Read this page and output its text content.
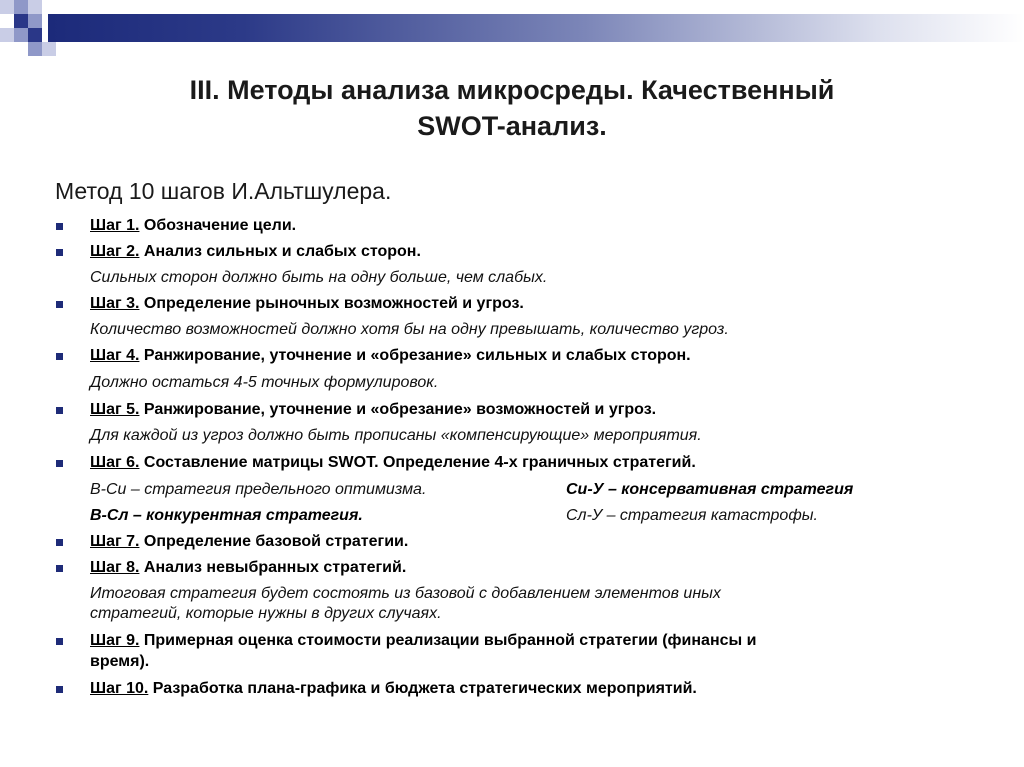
III. Методы анализа микросреды. Качественный
SWOT-анализ.
Метод 10 шагов И.Альтшулера.
Шаг 1. Обозначение цели.
Шаг 2. Анализ сильных и слабых сторон.
Сильных сторон должно быть на одну больше, чем слабых.
Шаг 3. Определение рыночных возможностей и угроз.
Количество возможностей должно хотя бы на одну превышать, количество угроз.
Шаг 4. Ранжирование, уточнение и «обрезание» сильных и слабых сторон.
Должно остаться 4-5 точных формулировок.
Шаг 5. Ранжирование, уточнение и «обрезание» возможностей и угроз.
Для каждой из угроз должно быть прописаны «компенсирующие» мероприятия.
Шаг 6. Составление матрицы SWOT. Определение 4-х граничных стратегий.
В-Си – стратегия предельного оптимизма.	Си-У – консервативная стратегия
В-Сл – конкурентная стратегия.	Сл-У – стратегия катастрофы.
Шаг 7. Определение базовой стратегии.
Шаг 8. Анализ невыбранных стратегий.
Итоговая стратегия будет состоять из базовой с добавлением элементов иных
стратегий, которые нужны в других случаях.
Шаг 9. Примерная оценка стоимости реализации выбранной стратегии (финансы и
время).
Шаг 10. Разработка плана-графика и бюджета стратегических мероприятий.
